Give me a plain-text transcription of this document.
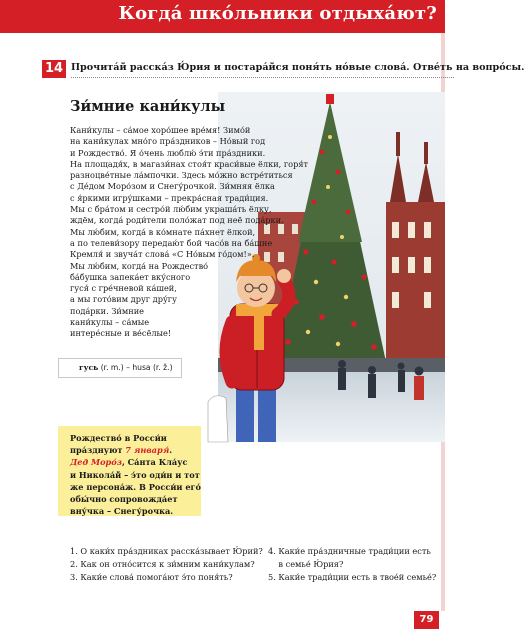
Когда́ шко́льники отдыха́ют?
14 Прочита́й расска́з Ю́рия и постара́йся поня́ть но́вые слова́. Отве́ть на вопро́сы.
Зи́мние кани́кулы
Кани́кулы – са́мое хоро́шее вре́мя! Зимо́й
на кани́кулах мно́го пра́здников – Но́вый год
и Рождество́. Я о́чень люблю́ э́ти пра́здники.
На площадя́х, в магази́нах стоя́т краси́вые ёлки, горя́т
разноцве́тные ла́мпочки. Здесь мо́жно встре́титься
с Де́дом Моро́зом и Снегу́рочкой. Зи́мняя ёлка
с я́ркими игру́шками – прекра́сная тради́ция.
Мы с бра́том и сестро́й лю́бим украша́ть ёлку,
ждём, когда́ роди́тели поло́жат под неё пода́рки.
Мы лю́бим, когда́ в ко́мнате па́хнет ёлкой,
а по телеви́зору передаю́т бой часо́в на ба́шне
Кремля́ и звуча́т слова́ «С Но́вым го́дом!».
Мы лю́бим, когда́ на Рождество́
ба́бушка запека́ет вку́сного
гуся́ с гре́чневой ка́шей,
а мы гото́вим друг дру́гу
пода́рки. Зи́мние
кани́кулы – са́мые
интере́сные и ве́сёлые!
гусь (r. m.) – husa (r. ž.)
Рождество́ в Росси́и
пра́зднуют 7 января́.
Дед Моро́з, Са́нта Кла́ус
и Никола́й – э́то оди́н и тот
же персона́ж. В Росси́и его́
обы́чно сопровожда́ет
вну́чка – Снегу́рочка.
1. О каки́х пра́здниках расска́зывает Ю́рий?
2. Как он отно́сится к зи́мним кани́кулам?
3. Каки́е слова́ помога́ют э́то поня́ть?
4. Каки́е пра́здничные тради́ции есть
в семье́ Ю́рия?
5. Каки́е тради́ции есть в твое́й семье́?
79
